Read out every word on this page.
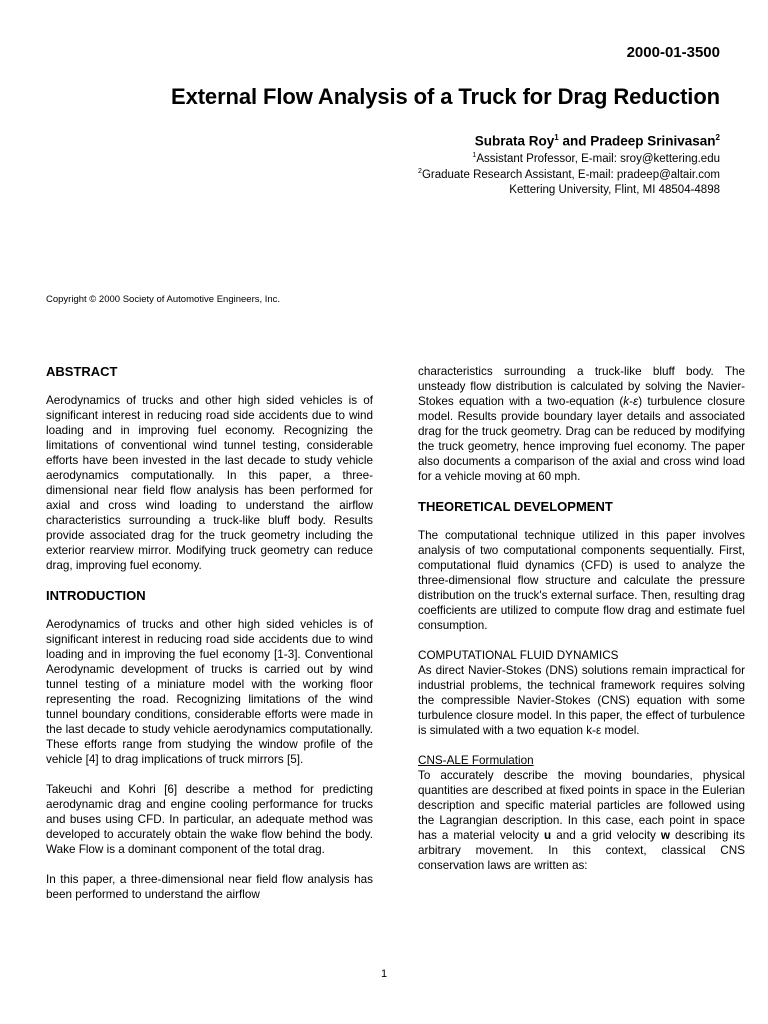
2000-01-3500
External Flow Analysis of a Truck for Drag Reduction
Subrata Roy$^1$ and Pradeep Srinivasan$^2$
$^1$Assistant Professor, E-mail: sroy@kettering.edu
$^2$Graduate Research Assistant, E-mail: pradeep@altair.com
Kettering University, Flint, MI 48504-4898
Copyright © 2000 Society of Automotive Engineers, Inc.
ABSTRACT

Aerodynamics of trucks and other high sided vehicles is of significant interest in reducing road side accidents due to wind loading and in improving fuel economy. Recognizing the limitations of conventional wind tunnel testing, considerable efforts have been invested in the last decade to study vehicle aerodynamics computationally. In this paper, a three-dimensional near field flow analysis has been performed for axial and cross wind loading to understand the airflow characteristics surrounding a truck-like bluff body. Results provide associated drag for the truck geometry including the exterior rearview mirror. Modifying truck geometry can reduce drag, improving fuel economy.

INTRODUCTION

Aerodynamics of trucks and other high sided vehicles is of significant interest in reducing road side accidents due to wind loading and in improving the fuel economy [1-3]. Conventional Aerodynamic development of trucks is carried out by wind tunnel testing of a miniature model with the working floor representing the road. Recognizing limitations of the wind tunnel boundary conditions, considerable efforts were made in the last decade to study vehicle aerodynamics computationally. These efforts range from studying the window profile of the vehicle [4] to drag implications of truck mirrors [5].

Takeuchi and Kohri [6] describe a method for predicting aerodynamic drag and engine cooling performance for trucks and buses using CFD. In particular, an adequate method was developed to accurately obtain the wake flow behind the body. Wake Flow is a dominant component of the total drag.

In this paper, a three-dimensional near field flow analysis has been performed to understand the airflow

characteristics surrounding a truck-like bluff body. The unsteady flow distribution is calculated by solving the Navier-Stokes equation with a two-equation (k-ε) turbulence closure model. Results provide boundary layer details and associated drag for the truck geometry. Drag can be reduced by modifying the truck geometry, hence improving fuel economy. The paper also documents a comparison of the axial and cross wind load for a vehicle moving at 60 mph.

THEORETICAL DEVELOPMENT

The computational technique utilized in this paper involves analysis of two computational components sequentially. First, computational fluid dynamics (CFD) is used to analyze the three-dimensional flow structure and calculate the pressure distribution on the truck's external surface. Then, resulting drag coefficients are utilized to compute flow drag and estimate fuel consumption.

COMPUTATIONAL FLUID DYNAMICS

As direct Navier-Stokes (DNS) solutions remain impractical for industrial problems, the technical framework requires solving the compressible Navier-Stokes (CNS) equation with some turbulence closure model. In this paper, the effect of turbulence is simulated with a two equation k-ε model.

CNS-ALE Formulation

To accurately describe the moving boundaries, physical quantities are described at fixed points in space in the Eulerian description and specific material particles are followed using the Lagrangian description. In this case, each point in space has a material velocity u and a grid velocity w describing its arbitrary movement. In this context, classical CNS conservation laws are written as:

1
